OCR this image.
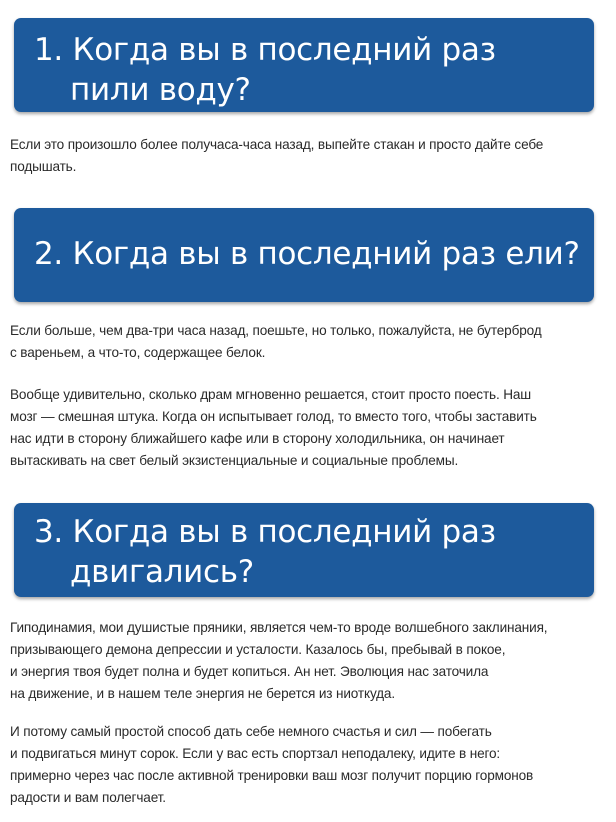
1. Когда вы в последний раз
пили воду?

Если это произошло более получаса-часа назад, выпейте стакан и просто дайте себе
подышать.

2. Когда вы в последний раз ели?

Если больше, чем два-три часа назад, поешьте, но только, пожалуйста, не бутерброд
с вареньем, а что-то, содержащее белок.

Вообще удивительно, сколько драм мгновенно решается, стоит просто поесть. Наш
мозг — смешная штука. Когда он испытывает голод, то вместо того, чтобы заставить
нас идти в сторону ближайшего кафе или в сторону холодильника, он начинает
вытаскивать на свет белый экзистенциальные и социальные проблемы.

3. Когда вы в последний раз
двигались?

Гиподинамия, мои душистые пряники, является чем-то вроде волшебного заклинания,
призывающего демона депрессии и усталости. Казалось бы, пребывай в покое,
и энергия твоя будет полна и будет копиться. Ан нет. Эволюция нас заточила
на движение, и в нашем теле энергия не берется из ниоткуда.

И потому самый простой способ дать себе немного счастья и сил — побегать
и подвигаться минут сорок. Если у вас есть спортзал неподалеку, идите в него:
примерно через час после активной тренировки ваш мозг получит порцию гормонов
радости и вам полегчает.
